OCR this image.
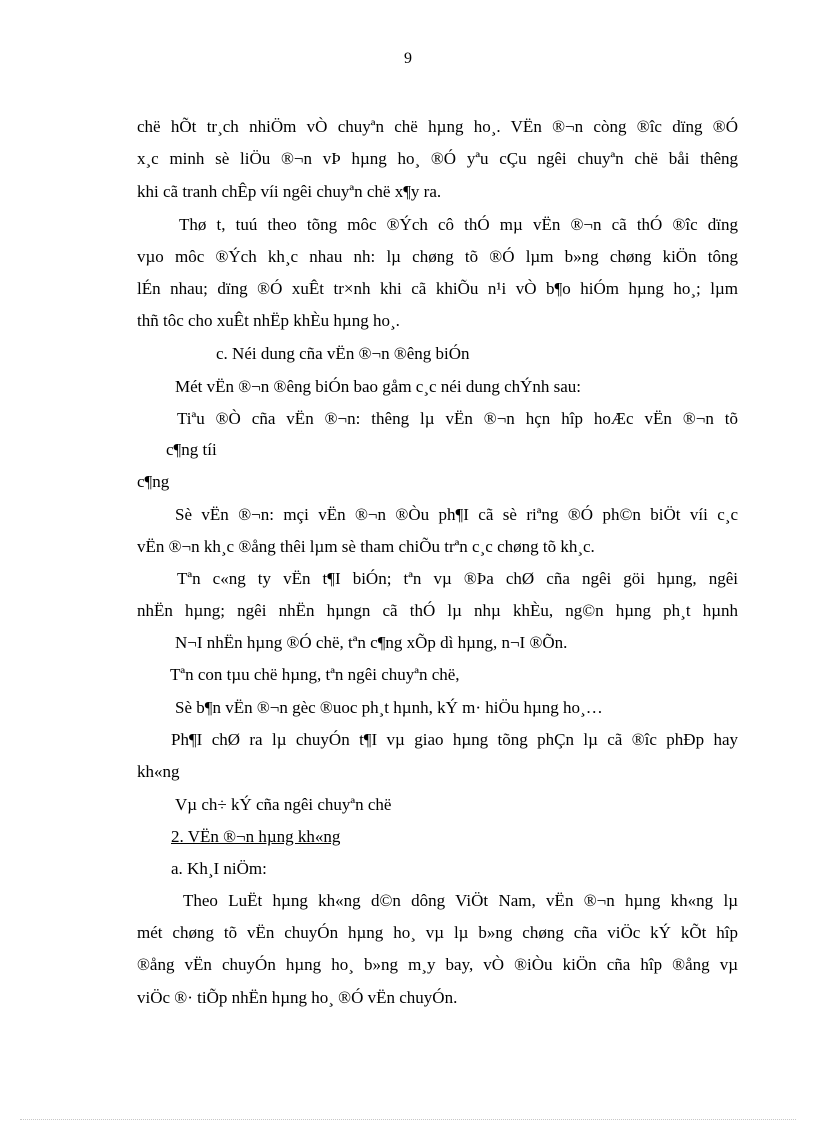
9
chë hÕt tr¸ch nhiÖm vÒ chuyªn chë hµng ho¸. VËn ®¬n còng ®îc dïng ®Ó
x¸c minh sè liÖu ®¬n vÞ hµng ho¸ ®Ó yªu cÇu ngêi chuyªn chë båi thêng
khi cã tranh chÊp víi ngêi chuyªn chë x¶y ra.
Thø t, tuú theo tõng môc ®Ých cô thÓ mµ vËn ®¬n cã thÓ ®îc dïng
vµo môc ®Ých kh¸c nhau nh: lµ chøng tõ ®Ó lµm b»ng chøng kiÖn tông
lÉn nhau; dïng ®Ó xuÊt tr×nh khi cã khiÕu n¹i vÒ b¶o hiÓm hµng ho¸; lµm
thñ tôc cho xuÊt nhËp khÈu hµng ho¸.
c. Néi dung cña vËn ®¬n ®êng biÓn
Mét vËn ®¬n ®êng biÓn bao gåm c¸c néi dung chÝnh sau:
Tiªu ®Ò cña vËn ®¬n: thêng lµ vËn ®¬n hçn hîp hoÆc vËn ®¬n tõ
c¶ng tíi
c¶ng
Sè vËn ®¬n: mçi vËn ®¬n ®Òu ph¶I cã sè riªng ®Ó ph©n biÖt víi c¸c
vËn ®¬n kh¸c ®ång thêi lµm sè tham chiÕu trªn c¸c chøng tõ kh¸c.
Tªn c«ng ty vËn t¶I biÓn; tªn vµ ®Þa chØ cña ngêi göi hµng, ngêi
nhËn hµng; ngêi nhËn hµngn cã thÓ lµ nhµ khÈu, ng©n hµng ph¸t hµnh
N¬I nhËn hµng ®Ó chë, tªn c¶ng xÕp dì hµng, n¬I ®Õn.
Tªn con tµu chë hµng, tªn ngêi chuyªn chë,
Sè b¶n vËn ®¬n gèc ®uoc ph¸t hµnh, kÝ m· hiÖu hµng ho¸…
Ph¶I chØ ra lµ chuyÓn t¶I vµ giao hµng tõng phÇn lµ cã ®îc phÐp hay
kh«ng
Vµ ch÷ kÝ cña ngêi chuyªn chë
2. VËn ®¬n hµng kh«ng
a. Kh¸I niÖm:
Theo LuËt hµng kh«ng d©n dông ViÖt Nam, vËn ®¬n hµng kh«ng lµ
mét chøng tõ vËn chuyÓn hµng ho¸ vµ lµ b»ng chøng cña viÖc kÝ kÕt hîp
®ång vËn chuyÓn hµng ho¸ b»ng m¸y bay, vÒ ®iÒu kiÖn cña hîp ®ång vµ
viÖc ®· tiÕp nhËn hµng ho¸ ®Ó vËn chuyÓn.
